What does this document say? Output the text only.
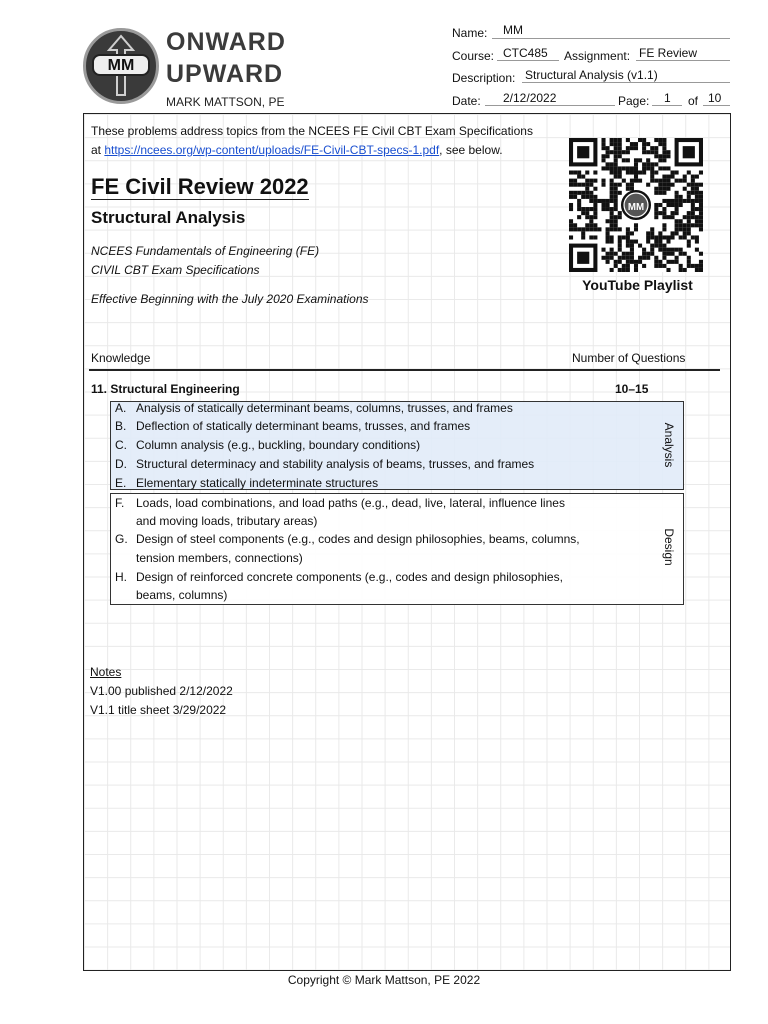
MM
ONWARD
UPWARD
MARK MATTSON, PE
Name: MM
Course: CTC485 Assignment: FE Review
Description: Structural Analysis (v1.1)
Date: 2/12/2022	Page: 1 of 10
These problems address topics from the NCEES FE Civil CBT Exam Specifications
at https://ncees.org/wp-content/uploads/FE-Civil-CBT-specs-1.pdf, see below.
FE Civil Review 2022
Structural Analysis
NCEES Fundamentals of Engineering (FE)
CIVIL CBT Exam Specifications
Effective Beginning with the July 2020 Examinations
MM
YouTube Playlist
Knowledge	Number of Questions
11. Structural Engineering	10–15
A. Analysis of statically determinant beams, columns, trusses, and frames
B. Deflection of statically determinant beams, trusses, and frames
C. Column analysis (e.g., buckling, boundary conditions)
D. Structural determinacy and stability analysis of beams, trusses, and frames
E. Elementary statically indeterminate structures
Analysis
F. Loads, load combinations, and load paths (e.g., dead, live, lateral, influence lines
and moving loads, tributary areas)
G. Design of steel components (e.g., codes and design philosophies, beams, columns,
tension members, connections)
H. Design of reinforced concrete components (e.g., codes and design philosophies,
beams, columns)
Design
Notes
V1.00 published 2/12/2022
V1.1 title sheet 3/29/2022
Copyright © Mark Mattson, PE 2022
